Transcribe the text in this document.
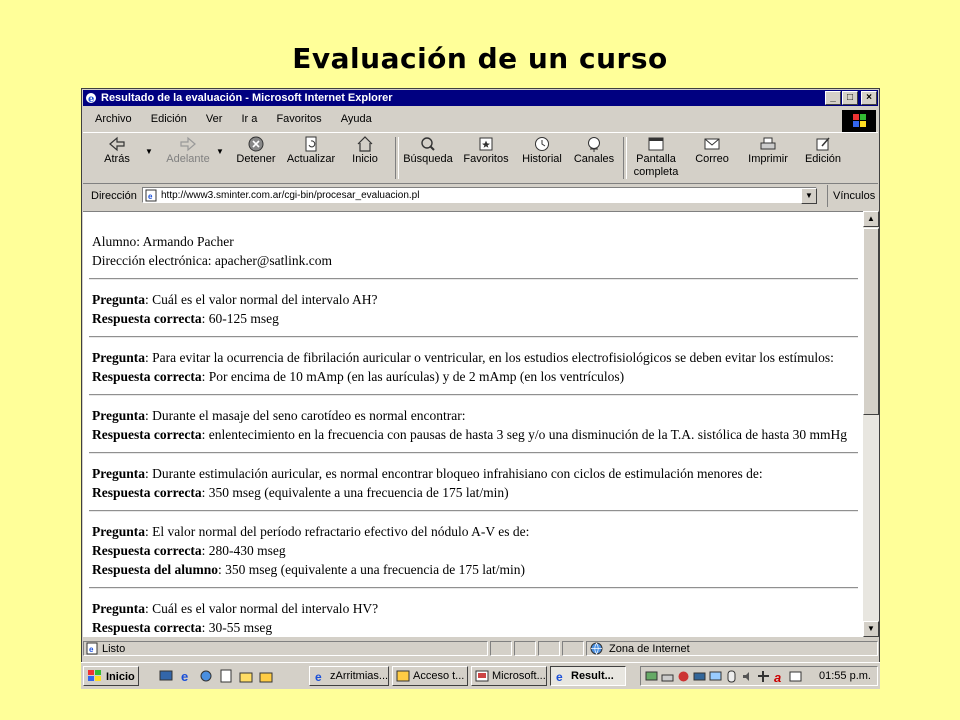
Evaluación de un curso
e Resultado de la evaluación - Microsoft Internet Explorer	_ □ ×
Archivo Edición Ver Ir a Favoritos Ayuda
Atrás
▼
Adelante
▼
Detener	Actualizar	Inicio	Búsqueda Favoritos	Historial	Canales	Pantalla
completa
Correo	Imprimir	Edición
Dirección e http://www3.sminter.com.ar/cgi-bin/procesar_evaluacion.pl	▼	Vínculos

Alumno: Armando Pacher

Dirección electrónica: apacher@satlink.com

Pregunta: Cuál es el valor normal del intervalo AH?

Respuesta correcta: 60-125 mseg

Pregunta: Para evitar la ocurrencia de fibrilación auricular o ventricular, en los estudios electrofisiológicos se deben evitar los estímulos:

Respuesta correcta: Por encima de 10 mAmp (en las aurículas) y de 2 mAmp (en los ventrículos)

Pregunta: Durante el masaje del seno carotídeo es normal encontrar:

Respuesta correcta: enlentecimiento en la frecuencia con pausas de hasta 3 seg y/o una disminución de la T.A. sistólica de hasta 30 mmHg

Pregunta: Durante estimulación auricular, es normal encontrar bloqueo infrahisiano con ciclos de estimulación menores de:

Respuesta correcta: 350 mseg (equivalente a una frecuencia de 175 lat/min)

Pregunta: El valor normal del período refractario efectivo del nódulo A-V es de:

Respuesta correcta: 280-430 mseg

Respuesta del alumno: 350 mseg (equivalente a una frecuencia de 175 lat/min)

Pregunta: Cuál es el valor normal del intervalo HV?

Respuesta correcta: 30-55 mseg

▲
▼
e Listo	Zona de Internet
Inicio	e	e zArritmias...	Acceso t...	Microsoft... e Result...	a	01:55 p.m.
